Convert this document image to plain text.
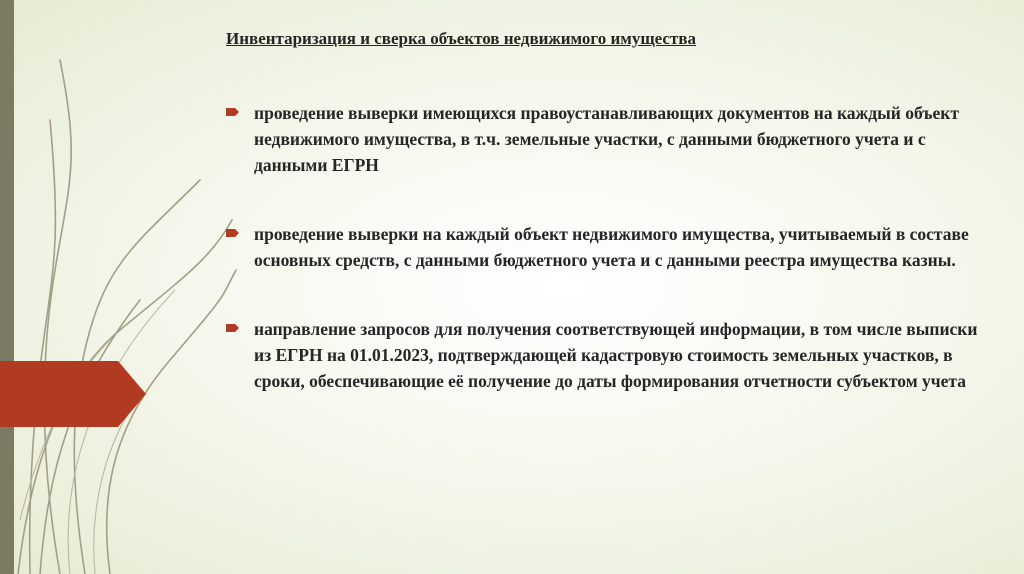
Инвентаризация и сверка объектов недвижимого имущества
проведение выверки имеющихся правоустанавливающих документов на каждый объект недвижимого имущества, в т.ч. земельные участки, с данными бюджетного учета и с данными ЕГРН
проведение выверки на каждый объект недвижимого имущества, учитываемый в составе основных средств, с данными бюджетного учета и с данными реестра имущества казны.
направление запросов для получения соответствующей информации, в том числе выписки из ЕГРН на 01.01.2023, подтверждающей кадастровую стоимость земельных участков, в сроки, обеспечивающие её получение до даты формирования отчетности субъектом учета
